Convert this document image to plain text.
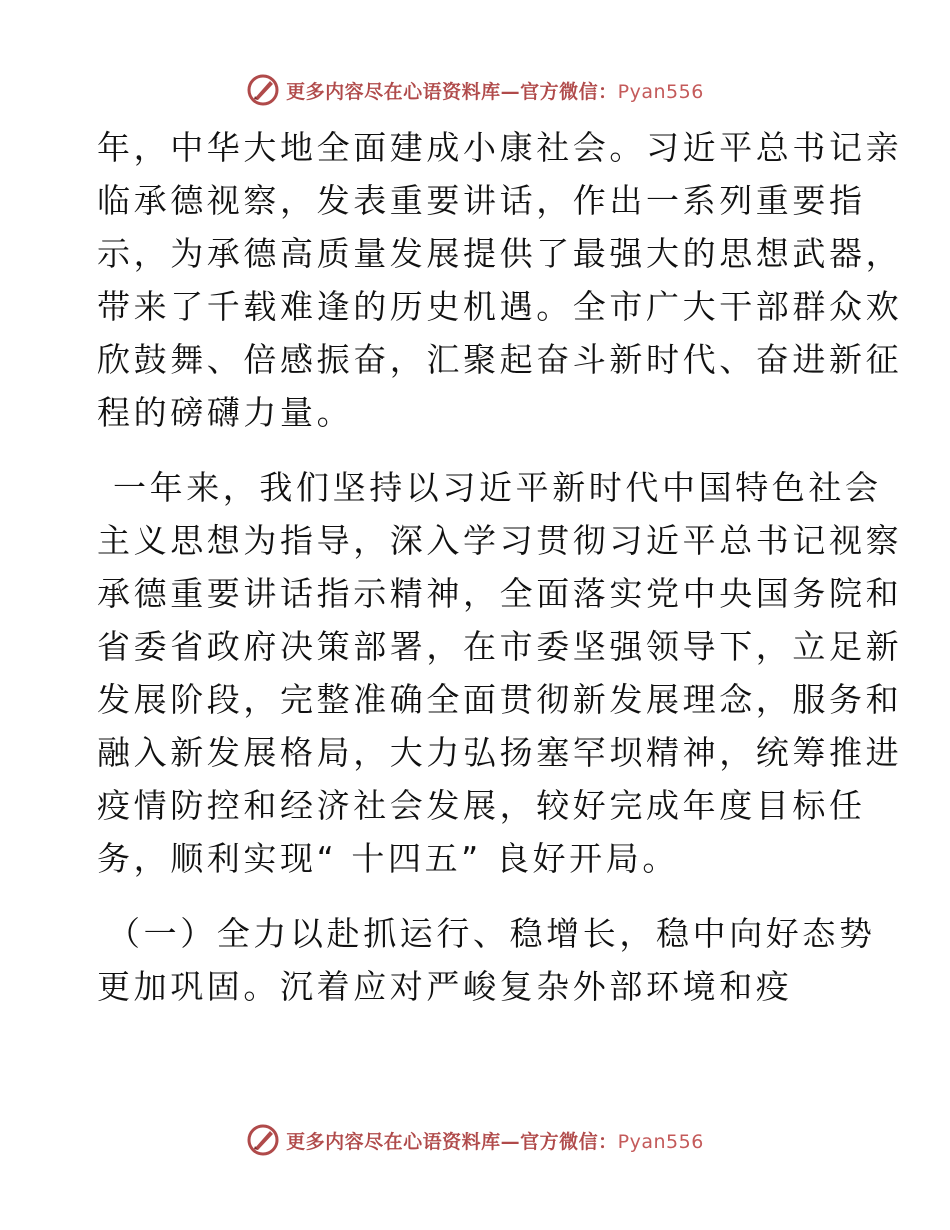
更多内容尽在心语资料库—官方微信：Pyan556

年，中华大地全面建成小康社会。习近平总书记亲
临承德视察，发表重要讲话，作出一系列重要指
示，为承德高质量发展提供了最强大的思想武器，
带来了千载难逢的历史机遇。全市广大干部群众欢
欣鼓舞、倍感振奋，汇聚起奋斗新时代、奋进新征
程的磅礴力量。

一年来，我们坚持以习近平新时代中国特色社会
主义思想为指导，深入学习贯彻习近平总书记视察
承德重要讲话指示精神，全面落实党中央国务院和
省委省政府决策部署，在市委坚强领导下，立足新
发展阶段，完整准确全面贯彻新发展理念，服务和
融入新发展格局，大力弘扬塞罕坝精神，统筹推进
疫情防控和经济社会发展，较好完成年度目标任
务，顺利实现“ 十四五” 良好开局。

（一）全力以赴抓运行、稳增长，稳中向好态势
更加巩固。沉着应对严峻复杂外部环境和疫

更多内容尽在心语资料库—官方微信：Pyan556
